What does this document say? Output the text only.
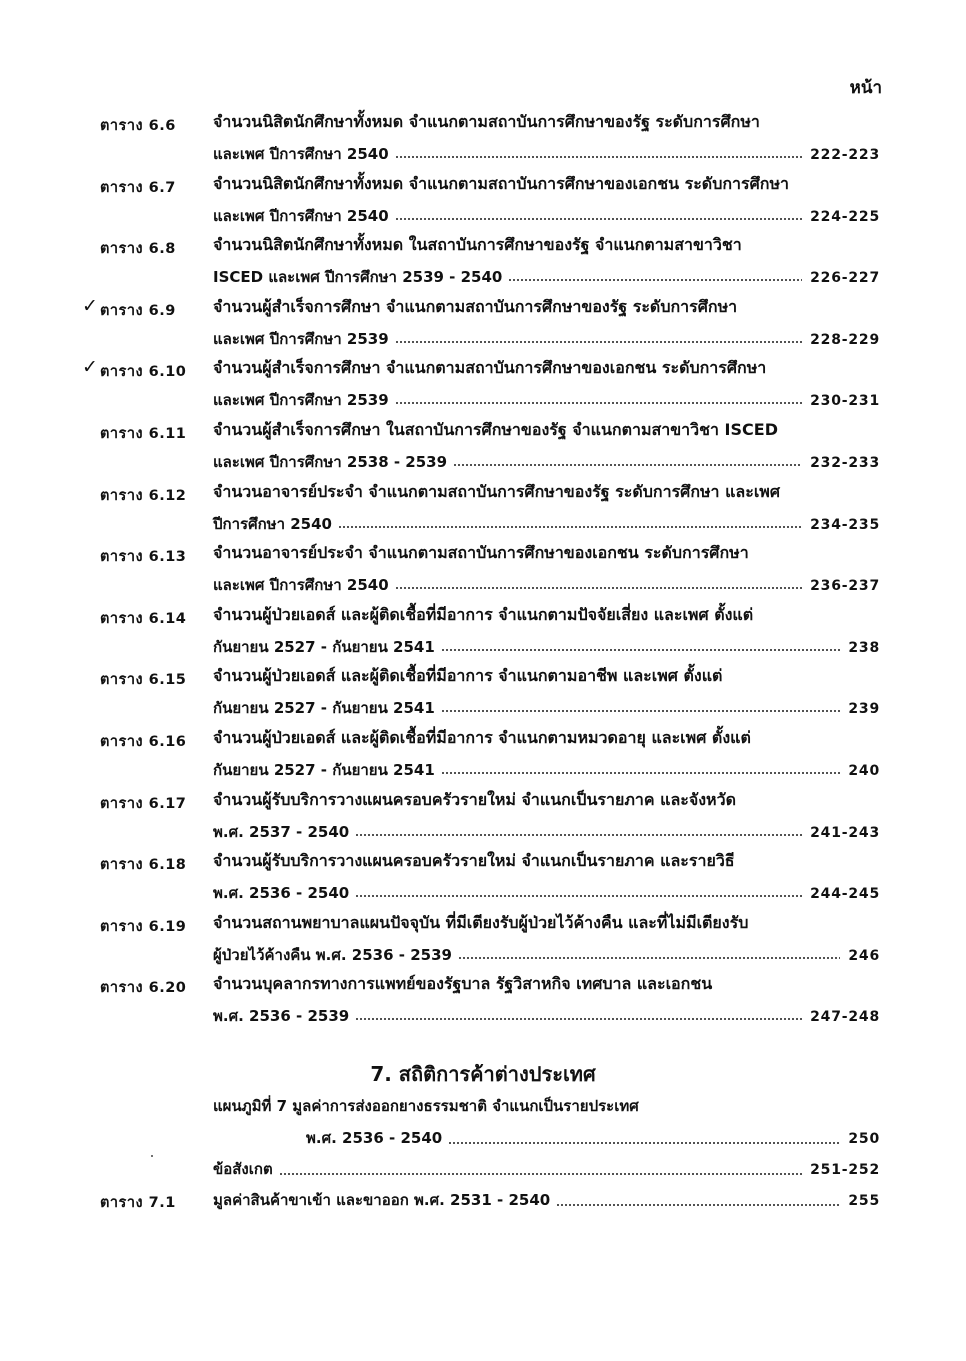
หน้า
ตาราง 6.6 จำนวนนิสิตนักศึกษาทั้งหมด จำแนกตามสถาบันการศึกษาของรัฐ ระดับการศึกษา
และเพศ ปีการศึกษา 2540	222-223
ตาราง 6.7 จำนวนนิสิตนักศึกษาทั้งหมด จำแนกตามสถาบันการศึกษาของเอกชน ระดับการศึกษา
และเพศ ปีการศึกษา 2540	224-225
ตาราง 6.8 จำนวนนิสิตนักศึกษาทั้งหมด ในสถาบันการศึกษาของรัฐ จำแนกตามสาขาวิชา
ISCED และเพศ ปีการศึกษา 2539 - 2540	226-227
✓ ตาราง 6.9 จำนวนผู้สำเร็จการศึกษา จำแนกตามสถาบันการศึกษาของรัฐ ระดับการศึกษา
และเพศ ปีการศึกษา 2539	228-229
✓ ตาราง 6.10 จำนวนผู้สำเร็จการศึกษา จำแนกตามสถาบันการศึกษาของเอกชน ระดับการศึกษา
และเพศ ปีการศึกษา 2539	230-231
ตาราง 6.11 จำนวนผู้สำเร็จการศึกษา ในสถาบันการศึกษาของรัฐ จำแนกตามสาขาวิชา ISCED
และเพศ ปีการศึกษา 2538 - 2539	232-233
ตาราง 6.12 จำนวนอาจารย์ประจำ จำแนกตามสถาบันการศึกษาของรัฐ ระดับการศึกษา และเพศ
ปีการศึกษา 2540	234-235
ตาราง 6.13 จำนวนอาจารย์ประจำ จำแนกตามสถาบันการศึกษาของเอกชน ระดับการศึกษา
และเพศ ปีการศึกษา 2540	236-237
ตาราง 6.14 จำนวนผู้ป่วยเอดส์ และผู้ติดเชื้อที่มีอาการ จำแนกตามปัจจัยเสี่ยง และเพศ ตั้งแต่
กันยายน 2527 - กันยายน 2541	238
ตาราง 6.15 จำนวนผู้ป่วยเอดส์ และผู้ติดเชื้อที่มีอาการ จำแนกตามอาชีพ และเพศ ตั้งแต่
กันยายน 2527 - กันยายน 2541	239
ตาราง 6.16 จำนวนผู้ป่วยเอดส์ และผู้ติดเชื้อที่มีอาการ จำแนกตามหมวดอายุ และเพศ ตั้งแต่
กันยายน 2527 - กันยายน 2541	240
ตาราง 6.17 จำนวนผู้รับบริการวางแผนครอบครัวรายใหม่ จำแนกเป็นรายภาค และจังหวัด
พ.ศ. 2537 - 2540	241-243
ตาราง 6.18 จำนวนผู้รับบริการวางแผนครอบครัวรายใหม่ จำแนกเป็นรายภาค และรายวิธี
พ.ศ. 2536 - 2540	244-245
ตาราง 6.19 จำนวนสถานพยาบาลแผนปัจจุบัน ที่มีเตียงรับผู้ป่วยไว้ค้างคืน และที่ไม่มีเตียงรับ
ผู้ป่วยไว้ค้างคืน พ.ศ. 2536 - 2539	246
ตาราง 6.20 จำนวนบุคลากรทางการแพทย์ของรัฐบาล รัฐวิสาหกิจ เทศบาล และเอกชน
พ.ศ. 2536 - 2539	247-248
7. สถิติการค้าต่างประเทศ
แผนภูมิที่ 7 มูลค่าการส่งออกยางธรรมชาติ จำแนกเป็นรายประเทศ
พ.ศ. 2536 - 2540	250
ข้อสังเกต	251-252
ตาราง 7.1 มูลค่าสินค้าขาเข้า และขาออก พ.ศ. 2531 - 2540	255
